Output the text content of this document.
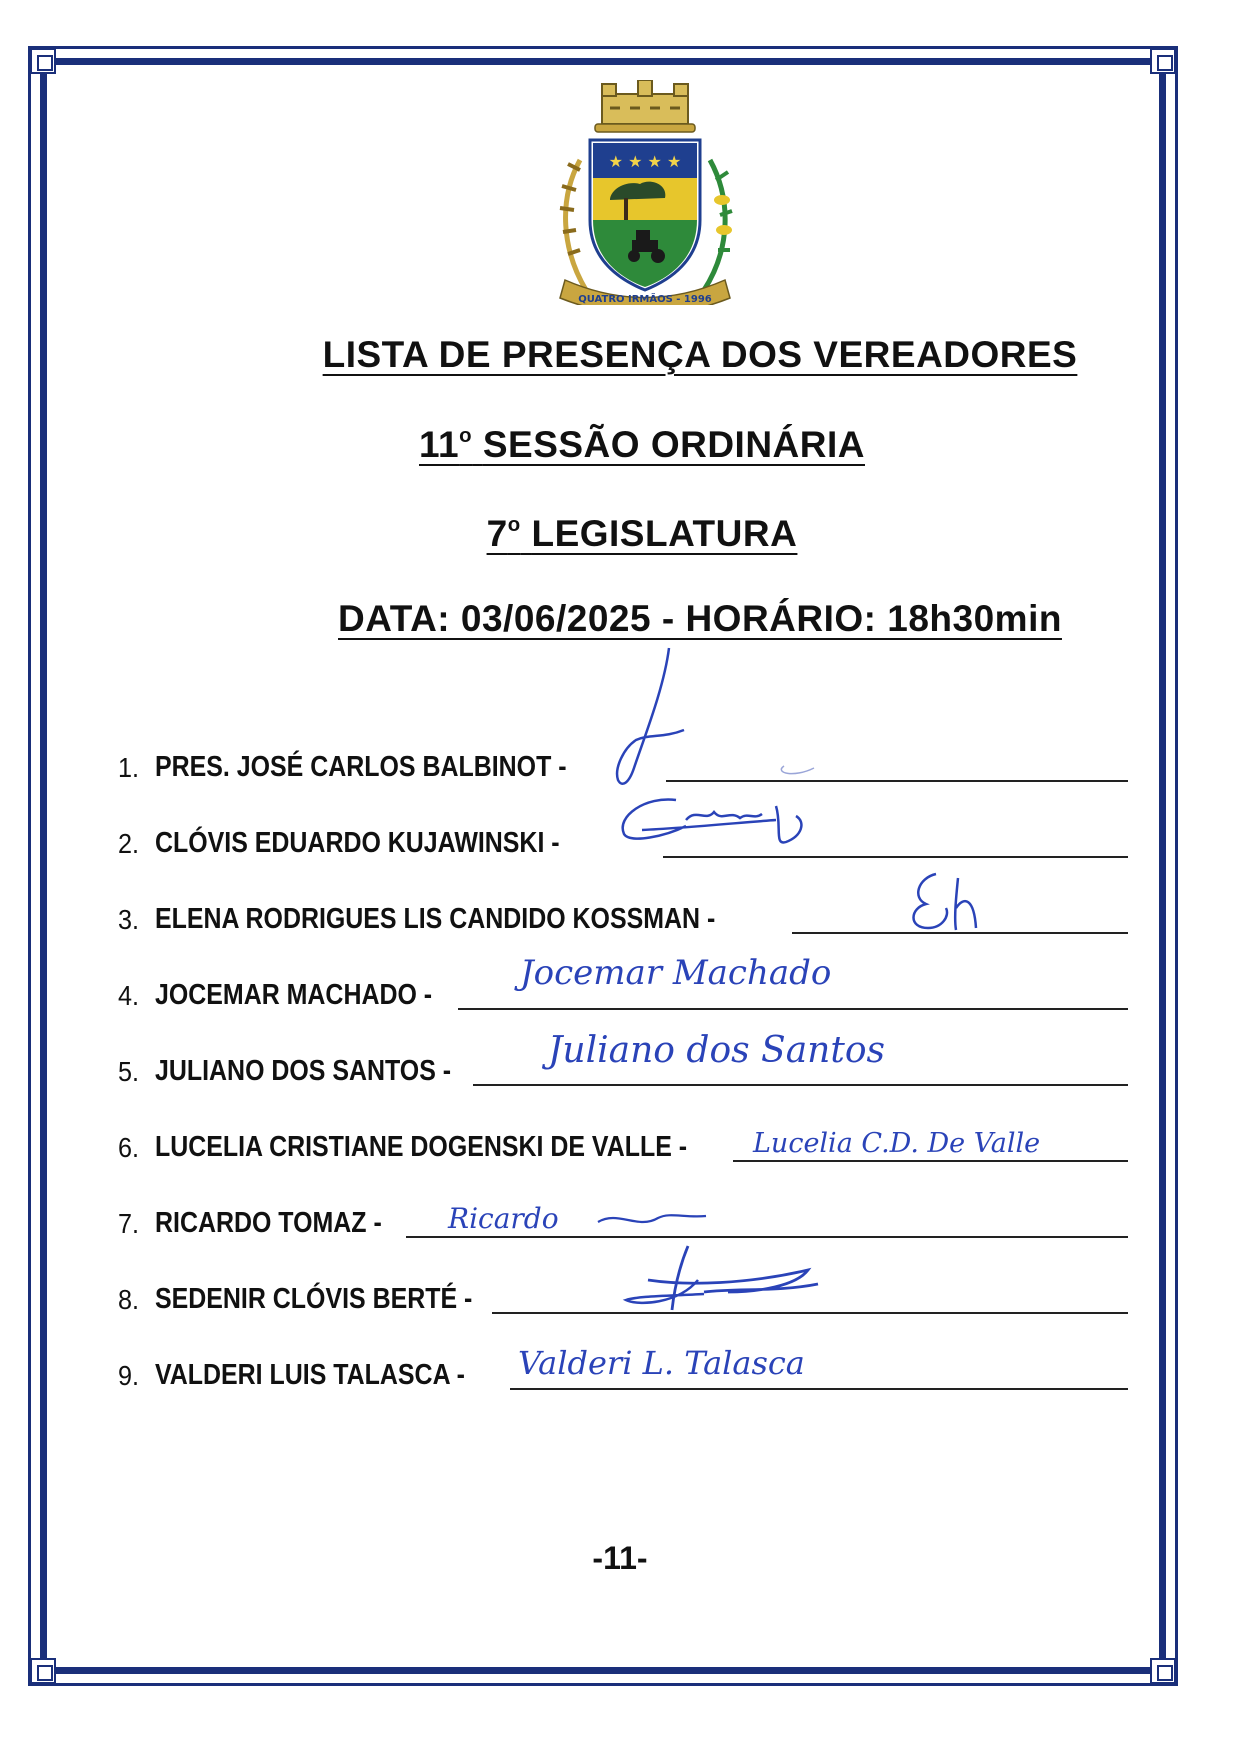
★ ★ ★ ★
QUATRO IRMÃOS - 1996
LISTA DE PRESENÇA DOS VEREADORES
11$^o$ SESSÃO ORDINÁRIA
7$^o$ LEGISLATURA
DATA: 03/06/2025 - HORÁRIO: 18h30min
1. PRES. JOSÉ CARLOS BALBINOT -
2. CLÓVIS EDUARDO KUJAWINSKI -
3. ELENA RODRIGUES LIS CANDIDO KOSSMAN -
4. JOCEMAR MACHADO -
Jocemar Machado
5. JULIANO DOS SANTOS -	Juliano dos Santos
6. LUCELIA CRISTIANE DOGENSKI DE VALLE - Lucelia C.D. De Valle
7. RICARDO TOMAZ - Ricardo
8. SEDENIR CLÓVIS BERTÉ -
9. VALDERI LUIS TALASCA - Valderi L. Talasca
-11-
